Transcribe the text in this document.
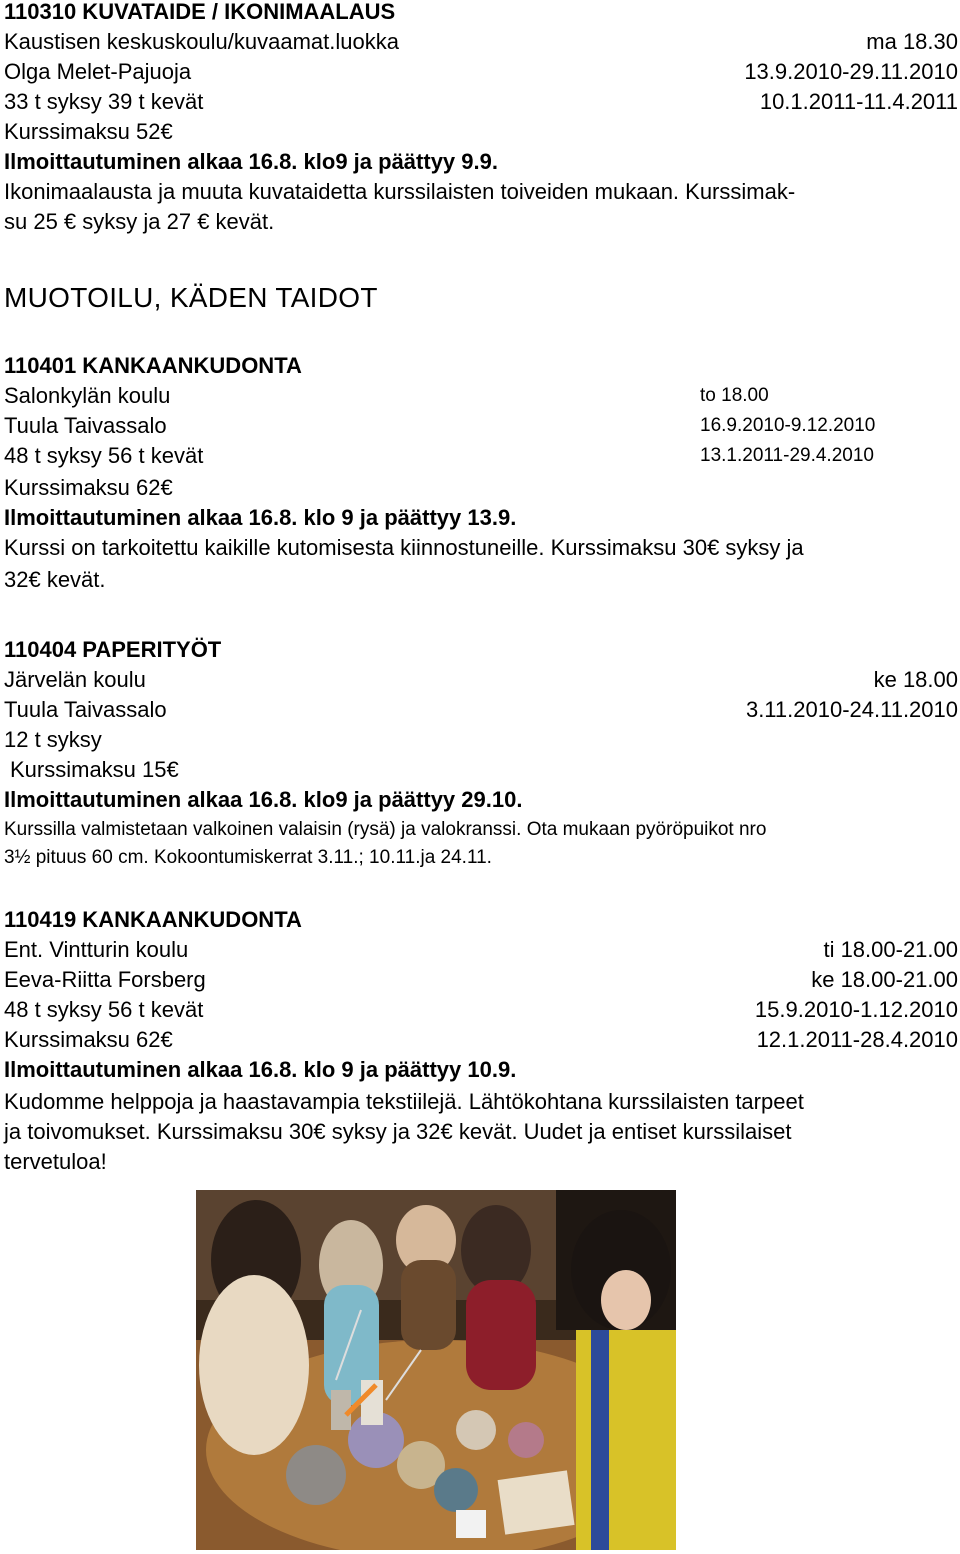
110310 KUVATAIDE / IKONIMAALAUS
Kaustisen keskuskoulu/kuvaamat.luokka	ma 18.30
Olga Melet-Pajuoja	13.9.2010-29.11.2010
33 t syksy 39 t kevät	10.1.2011-11.4.2011
Kurssimaksu 52€
Ilmoittautuminen alkaa 16.8. klo9 ja päättyy 9.9.
Ikonimaalausta ja muuta kuvataidetta kurssilaisten toiveiden mukaan. Kurssimak-
su 25 € syksy ja 27 € kevät.
MUOTOILU, KÄDEN TAIDOT
110401 KANKAANKUDONTA
Salonkylän koulu	to 18.00
Tuula Taivassalo	16.9.2010-9.12.2010
48 t syksy 56 t kevät	13.1.2011-29.4.2010
Kurssimaksu 62€
Ilmoittautuminen alkaa 16.8. klo 9 ja päättyy 13.9.
Kurssi on tarkoitettu kaikille kutomisesta kiinnostuneille. Kurssimaksu 30€ syksy ja
32€ kevät.
110404 PAPERITYÖT
Järvelän koulu	ke 18.00
Tuula Taivassalo	3.11.2010-24.11.2010
12 t syksy
Kurssimaksu 15€
Ilmoittautuminen alkaa 16.8. klo9 ja päättyy 29.10.
Kurssilla valmistetaan valkoinen valaisin (rysä) ja valokranssi. Ota mukaan pyöröpuikot nro
3½ pituus 60 cm. Kokoontumiskerrat 3.11.; 10.11.ja 24.11.
110419 KANKAANKUDONTA
Ent. Vintturin koulu	ti 18.00-21.00
Eeva-Riitta Forsberg	ke 18.00-21.00
48 t syksy 56 t kevät	15.9.2010-1.12.2010
Kurssimaksu 62€	12.1.2011-28.4.2010
Ilmoittautuminen alkaa 16.8. klo 9 ja päättyy 10.9.
Kudomme helppoja ja haastavampia tekstiilejä. Lähtökohtana kurssilaisten tarpeet
ja toivomukset. Kurssimaksu 30€ syksy ja 32€ kevät. Uudet ja entiset kurssilaiset
tervetuloa!
